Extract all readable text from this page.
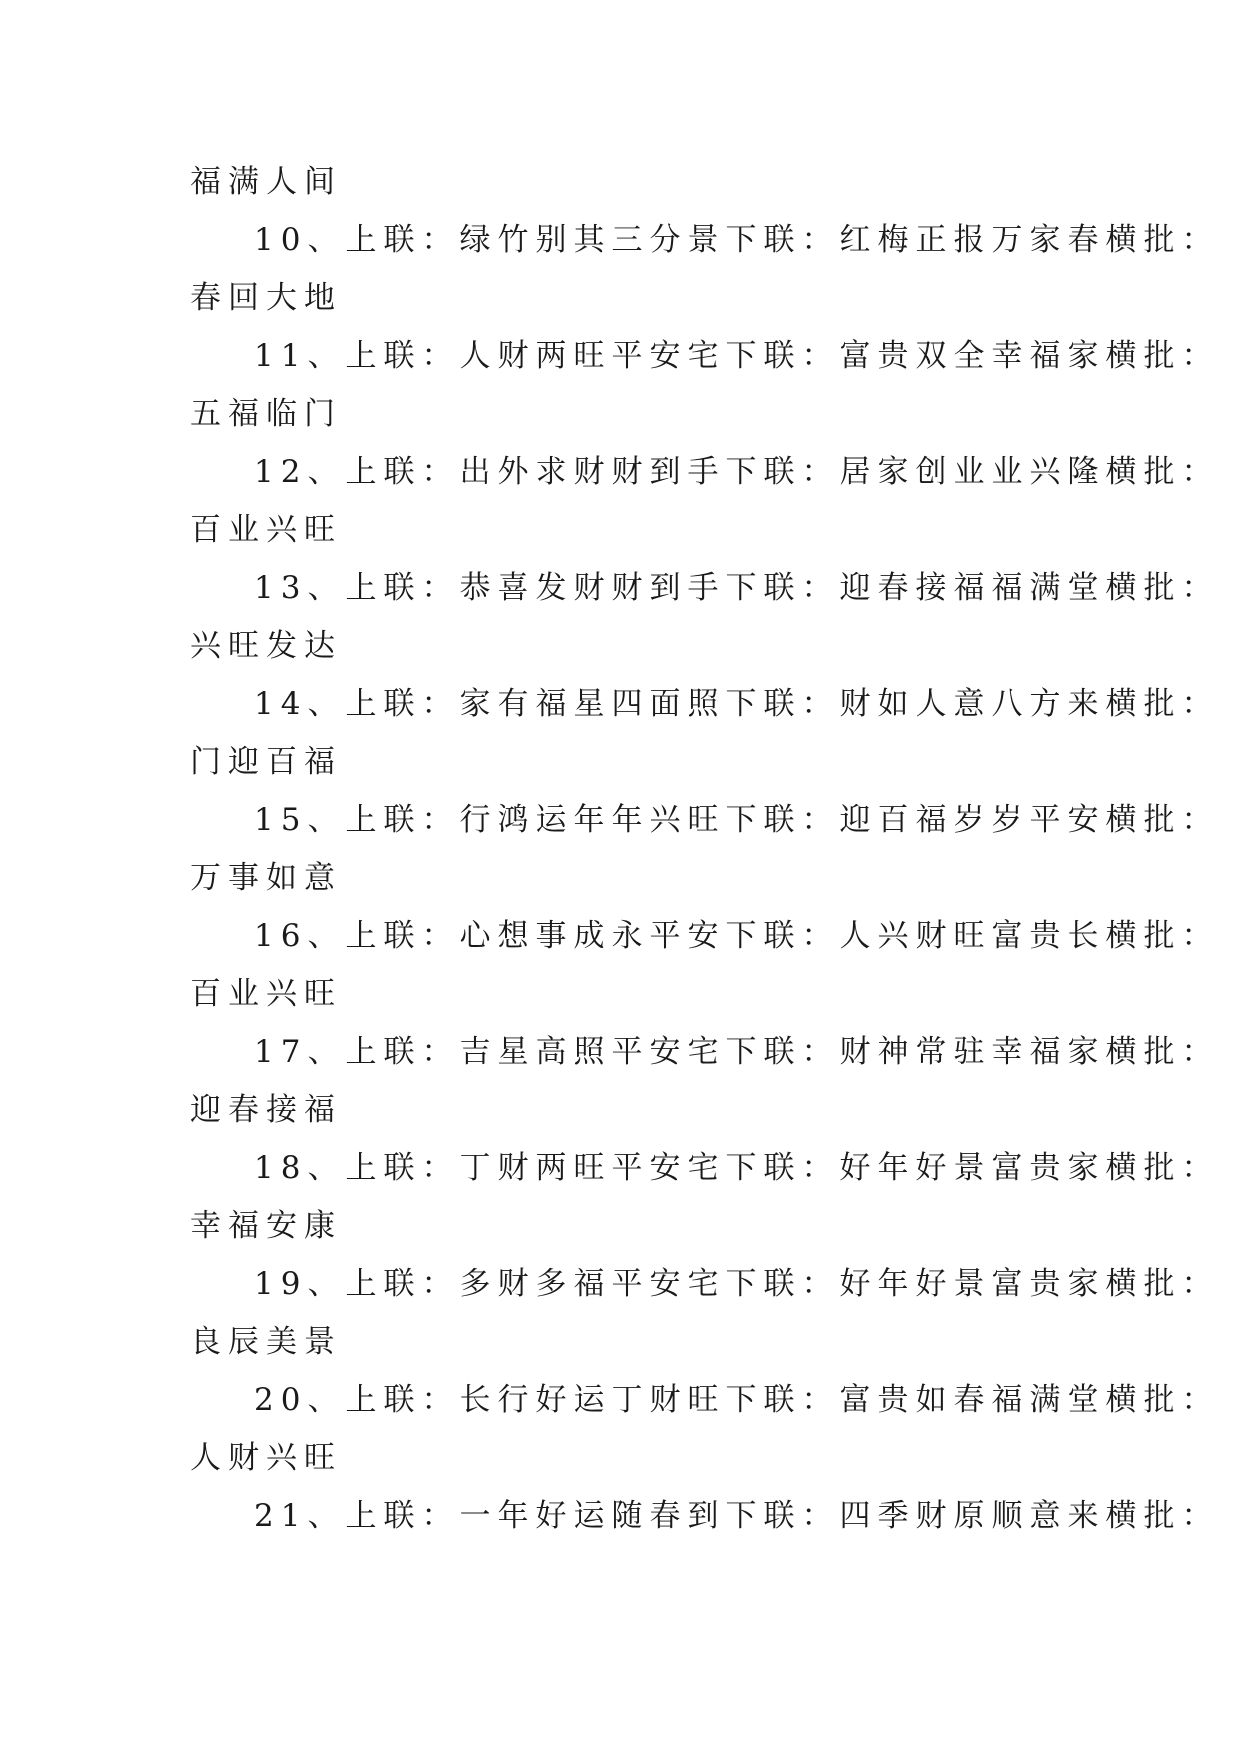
福满人间
10、上联：绿竹别其三分景下联：红梅正报万家春横批：
春回大地
11、上联：人财两旺平安宅下联：富贵双全幸福家横批：
五福临门
12、上联：出外求财财到手下联：居家创业业兴隆横批：
百业兴旺
13、上联：恭喜发财财到手下联：迎春接福福满堂横批：
兴旺发达
14、上联：家有福星四面照下联：财如人意八方来横批：
门迎百福
15、上联：行鸿运年年兴旺下联：迎百福岁岁平安横批：
万事如意
16、上联：心想事成永平安下联：人兴财旺富贵长横批：
百业兴旺
17、上联：吉星高照平安宅下联：财神常驻幸福家横批：
迎春接福
18、上联：丁财两旺平安宅下联：好年好景富贵家横批：
幸福安康
19、上联：多财多福平安宅下联：好年好景富贵家横批：
良辰美景
20、上联：长行好运丁财旺下联：富贵如春福满堂横批：
人财兴旺
21、上联：一年好运随春到下联：四季财原顺意来横批：
